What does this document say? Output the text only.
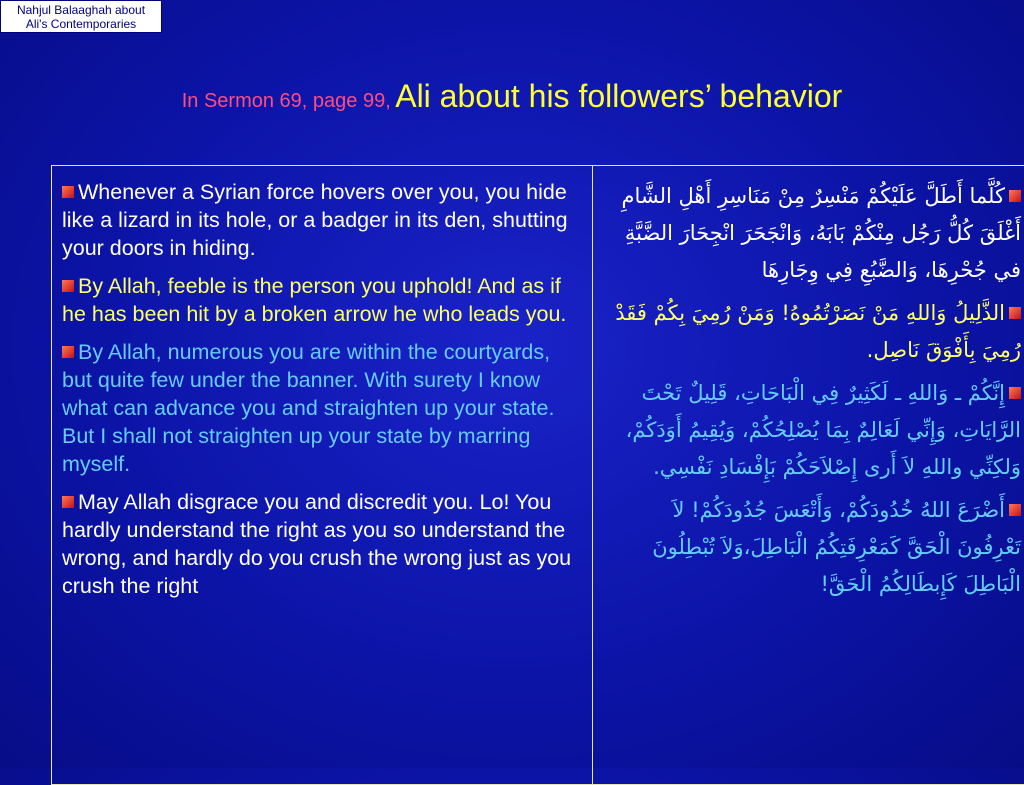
Nahjul Balaaghah about
Ali's Contemporaries
In Sermon 69, page 99, Ali about his followers’ behavior

Whenever a Syrian force hovers over you, you hide like a lizard in its hole, or a badger in its den, shutting your doors in hiding.

By Allah, feeble is the person you uphold! And as if he has been hit by a broken arrow he who leads you.

By Allah, numerous you are within the courtyards, but quite few under the banner. With surety I know what can advance you and straighten up your state. But I shall not straighten up your state by marring myself.

May Allah disgrace you and discredit you. Lo! You hardly understand the right as you so understand the wrong, and hardly do you crush the wrong just as you crush the right

كُلَّما أَطَلَّ عَلَيْكُمْ مَنْسِرٌ مِنْ مَنَاسِرِ أَهْلِ الشَّامِ أَغْلَقَ كُلُّ رَجُل مِنْكُمْ بَابَهُ، وَانْجَحَرَ انْجِحَارَ الضَّبَّةِ في جُحْرِهَا، وَالضَّبُعِ فِي وِجَارِهَا

الذَّلِيلُ وَاللهِ مَنْ نَصَرْتُمُوهُ! وَمَنْ رُمِيَ بِكُمْ فَقَدْ رُمِيَ بِأَفْوَقَ نَاصِل.

إِنَّكُمْ ـ وَاللهِ ـ لَكَثِيرٌ فِي الْبَاحَاتِ، قَلِيلٌ تَحْتَ الرَّايَاتِ، وَإِنِّي لَعَالِمٌ بِمَا يُصْلِحُكُمْ، وَيُقِيمُ أَوَدَكُمْ، وَلكِنِّي واللهِ لاَ أَرى إِصْلاَحَكُمْ بَإِفْسَادِ نَفْسِي.

أَضْرَعَ اللهُ خُدُودَكُمْ، وَأَتْعَسَ جُدُودَكُمْ! لاَ تَعْرِفُونَ الْحَقَّ كَمَعْرِفَتِكُمُ الْبَاطِلَ،وَلاَ تُبْطِلُونَ الْبَاطِلَ كَإِبطَالِكُمُ الْحَقَّ!
